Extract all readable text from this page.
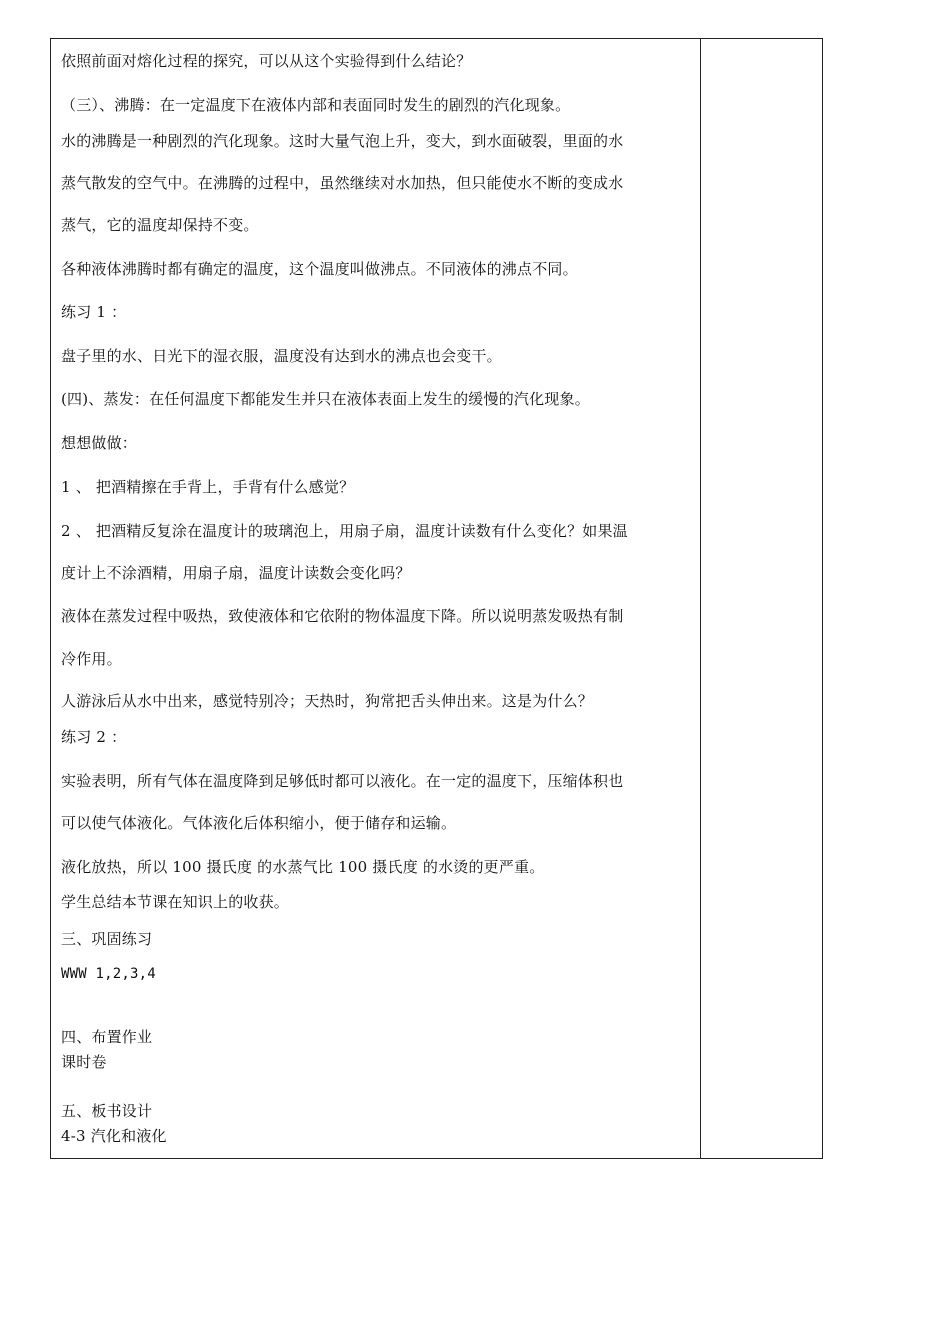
依照前面对熔化过程的探究，可以从这个实验得到什么结论？
（三）、沸腾：在一定温度下在液体内部和表面同时发生的剧烈的汽化现象。
水的沸腾是一种剧烈的汽化现象。这时大量气泡上升，变大，到水面破裂，里面的水
蒸气散发的空气中。在沸腾的过程中，虽然继续对水加热，但只能使水不断的变成水
蒸气，它的温度却保持不变。
各种液体沸腾时都有确定的温度，这个温度叫做沸点。不同液体的沸点不同。
练习 1 ：
盘子里的水、日光下的湿衣服，温度没有达到水的沸点也会变干。
(四)、蒸发：在任何温度下都能发生并只在液体表面上发生的缓慢的汽化现象。
想想做做：
1 、 把酒精擦在手背上，手背有什么感觉？
2 、 把酒精反复涂在温度计的玻璃泡上，用扇子扇，温度计读数有什么变化？如果温
度计上不涂酒精，用扇子扇，温度计读数会变化吗？
液体在蒸发过程中吸热，致使液体和它依附的物体温度下降。所以说明蒸发吸热有制
冷作用。
人游泳后从水中出来，感觉特别冷；天热时，狗常把舌头伸出来。这是为什么？
练习 2 ：
实验表明，所有气体在温度降到足够低时都可以液化。在一定的温度下，压缩体积也
可以使气体液化。气体液化后体积缩小，便于储存和运输。
液化放热，所以 100 摄氏度 的水蒸气比 100 摄氏度 的水烫的更严重。
学生总结本节课在知识上的收获。
三、巩固练习
WWW 1,2,3,4
四、布置作业
课时卷
五、板书设计
4-3 汽化和液化
